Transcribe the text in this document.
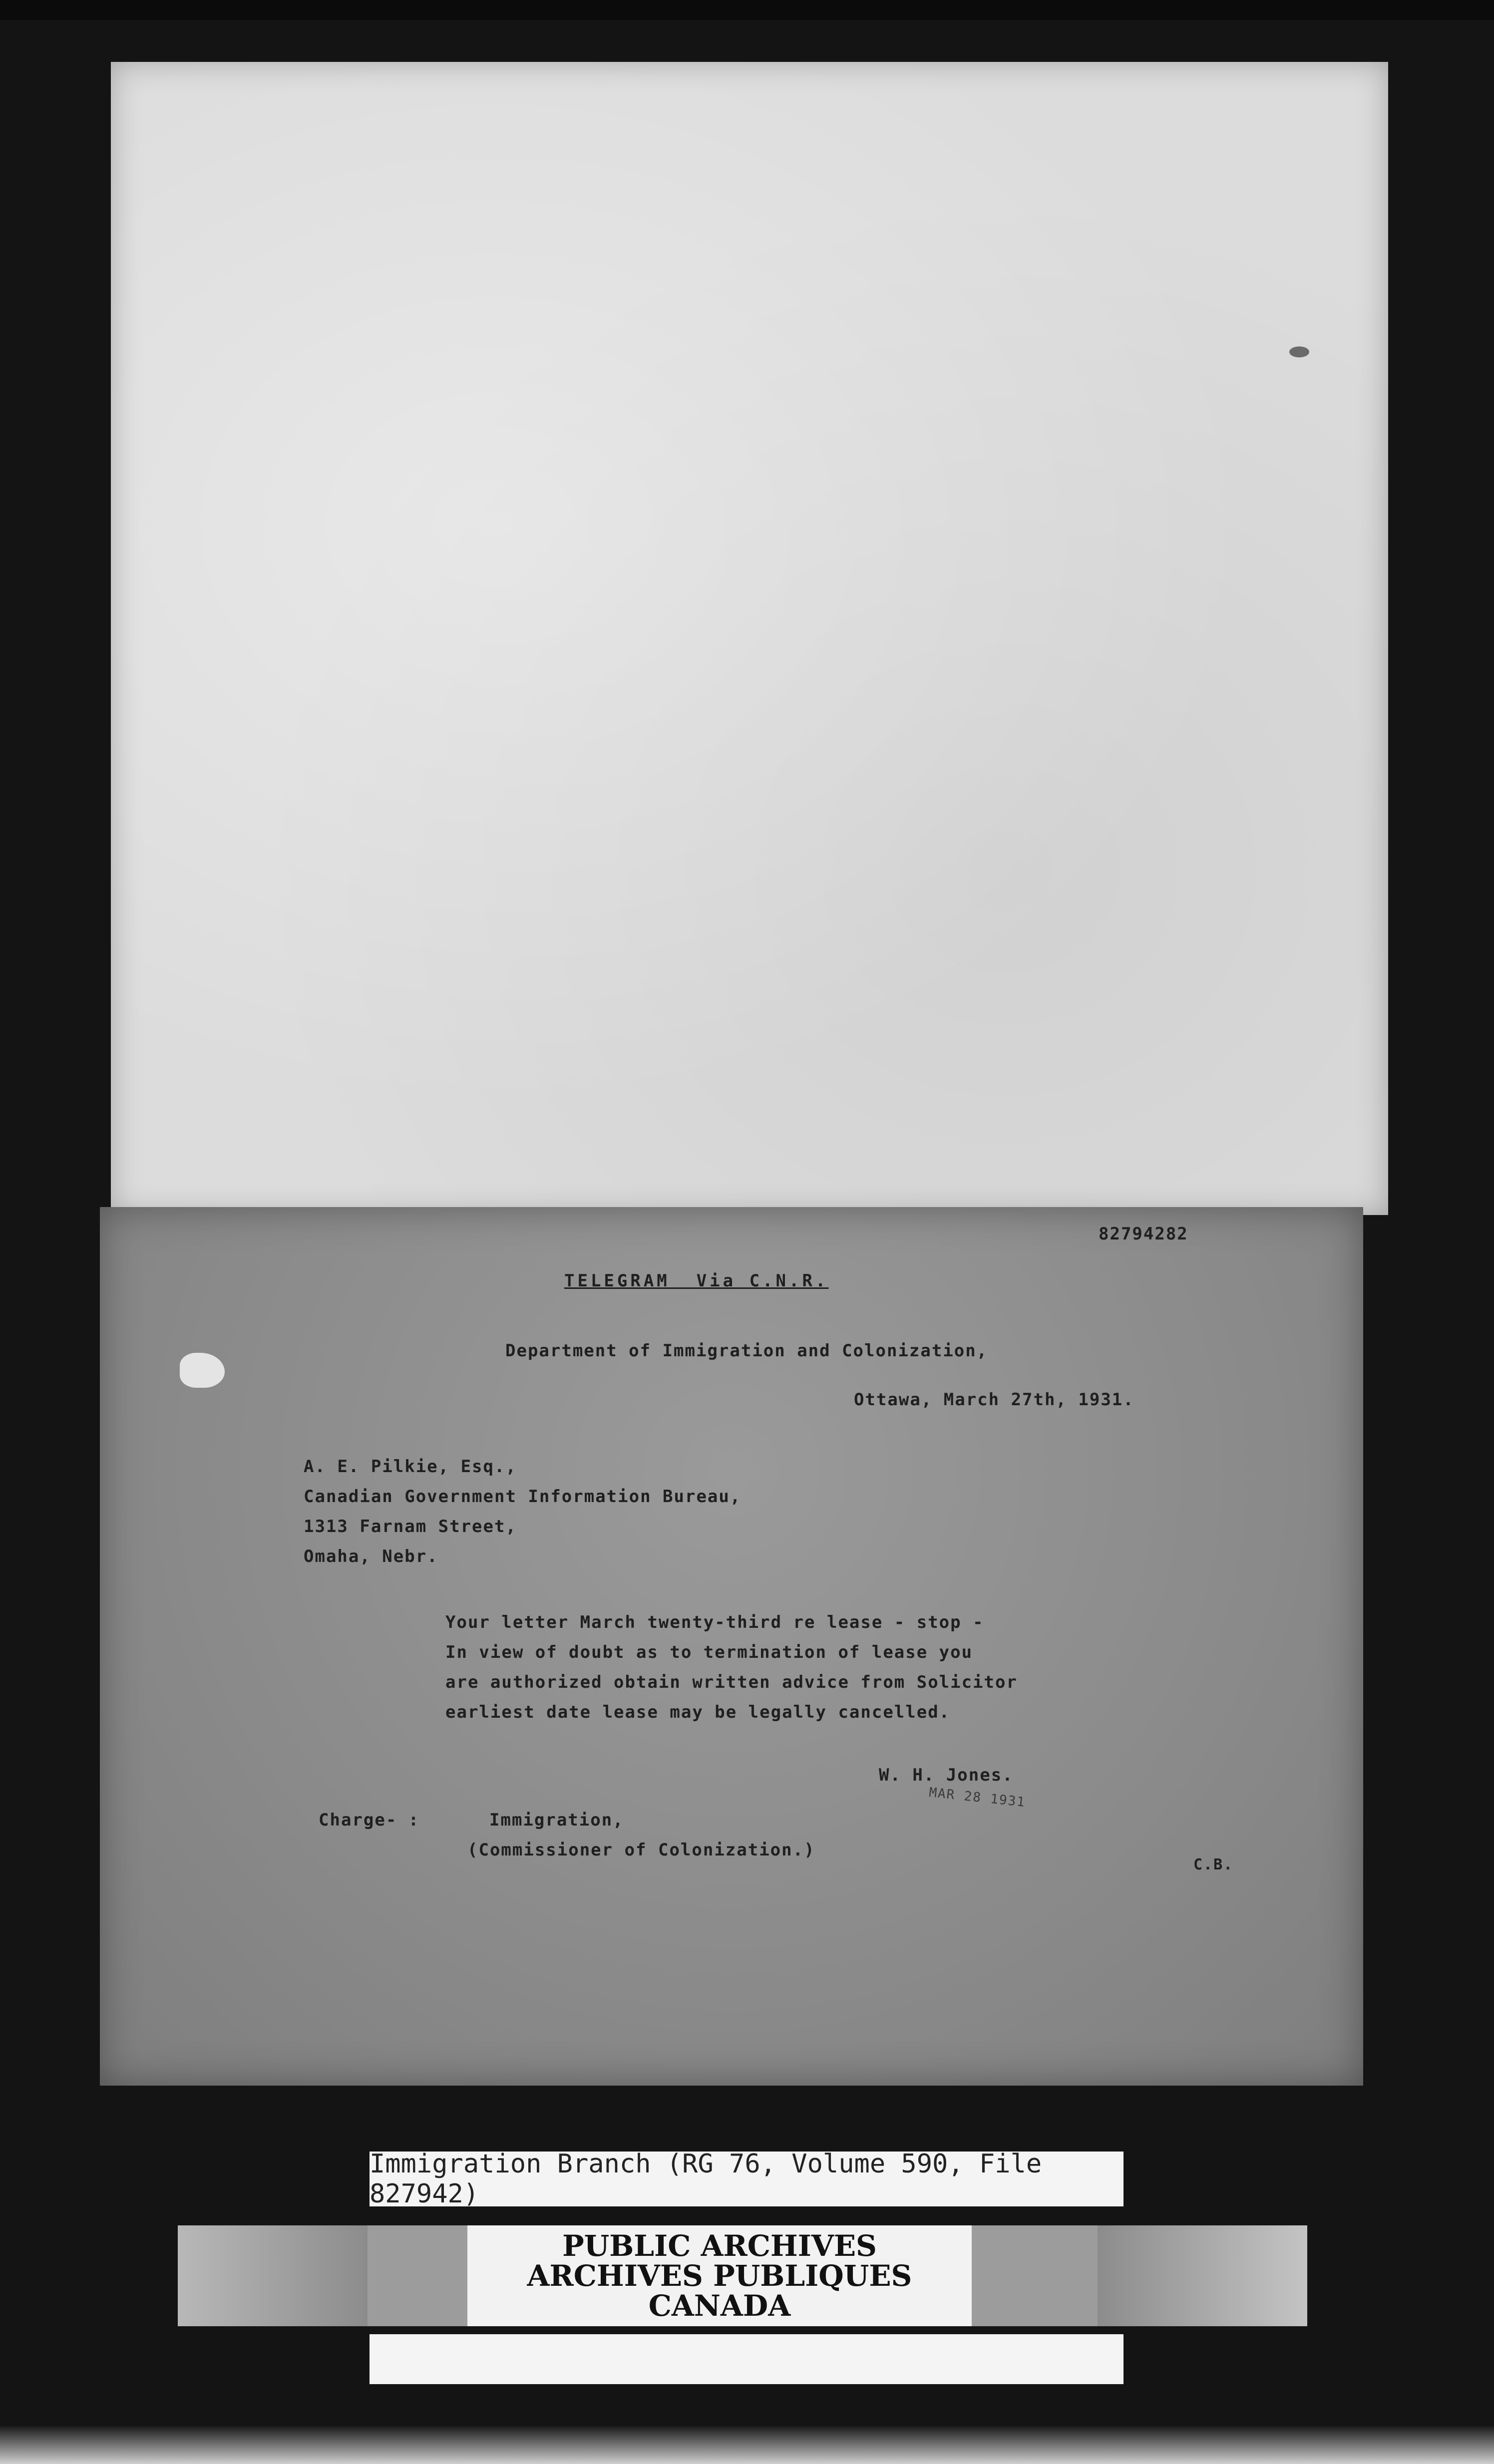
82794282
TELEGRAM  Via C.N.R.
Department of Immigration and Colonization,
Ottawa, March 27th, 1931.
A. E. Pilkie, Esq.,
Canadian Government Information Bureau,
1313 Farnam Street,
Omaha, Nebr.
Your letter March twenty-third re lease - stop -
In view of doubt as to termination of lease you
are authorized obtain written advice from Solicitor
earliest date lease may be legally cancelled.
W. H. Jones.
MAR 28 1931
Charge- :	Immigration,
(Commissioner of Colonization.)
C.B.
Immigration Branch (RG 76, Volume 590, File 827942)
PUBLIC ARCHIVES
ARCHIVES PUBLIQUES
CANADA
